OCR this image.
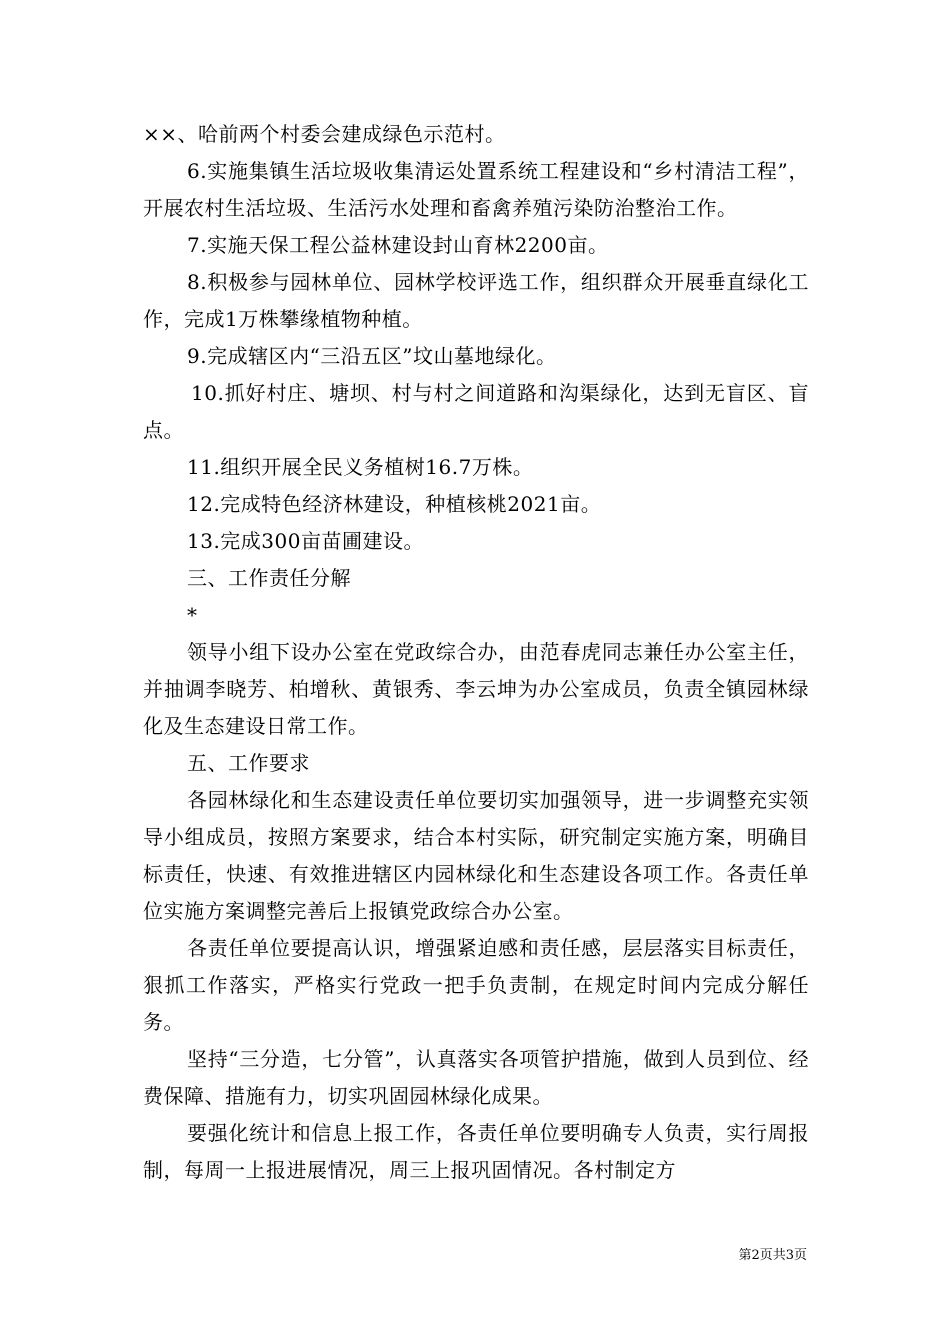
××、哈前两个村委会建成绿色示范村。

6.实施集镇生活垃圾收集清运处置系统工程建设和“乡村清洁工程”，开展农村生活垃圾、生活污水处理和畜禽养殖污染防治整治工作。

7.实施天保工程公益林建设封山育林2200亩。

8.积极参与园林单位、园林学校评选工作，组织群众开展垂直绿化工作，完成1万株攀缘植物种植。

9.完成辖区内“三沿五区”坟山墓地绿化。

10.抓好村庄、塘坝、村与村之间道路和沟渠绿化，达到无盲区、盲点。

11.组织开展全民义务植树16.7万株。

12.完成特色经济林建设，种植核桃2021亩。

13.完成300亩苗圃建设。

三、工作责任分解

*

领导小组下设办公室在党政综合办，由范春虎同志兼任办公室主任，并抽调李晓芳、柏增秋、黄银秀、李云坤为办公室成员，负责全镇园林绿化及生态建设日常工作。

五、工作要求

各园林绿化和生态建设责任单位要切实加强领导，进一步调整充实领导小组成员，按照方案要求，结合本村实际，研究制定实施方案，明确目标责任，快速、有效推进辖区内园林绿化和生态建设各项工作。各责任单位实施方案调整完善后上报镇党政综合办公室。

各责任单位要提高认识，增强紧迫感和责任感，层层落实目标责任，狠抓工作落实，严格实行党政一把手负责制，在规定时间内完成分解任务。

坚持“三分造，七分管”，认真落实各项管护措施，做到人员到位、经费保障、措施有力，切实巩固园林绿化成果。

要强化统计和信息上报工作，各责任单位要明确专人负责，实行周报制，每周一上报进展情况，周三上报巩固情况。各村制定方

第2页共3页
